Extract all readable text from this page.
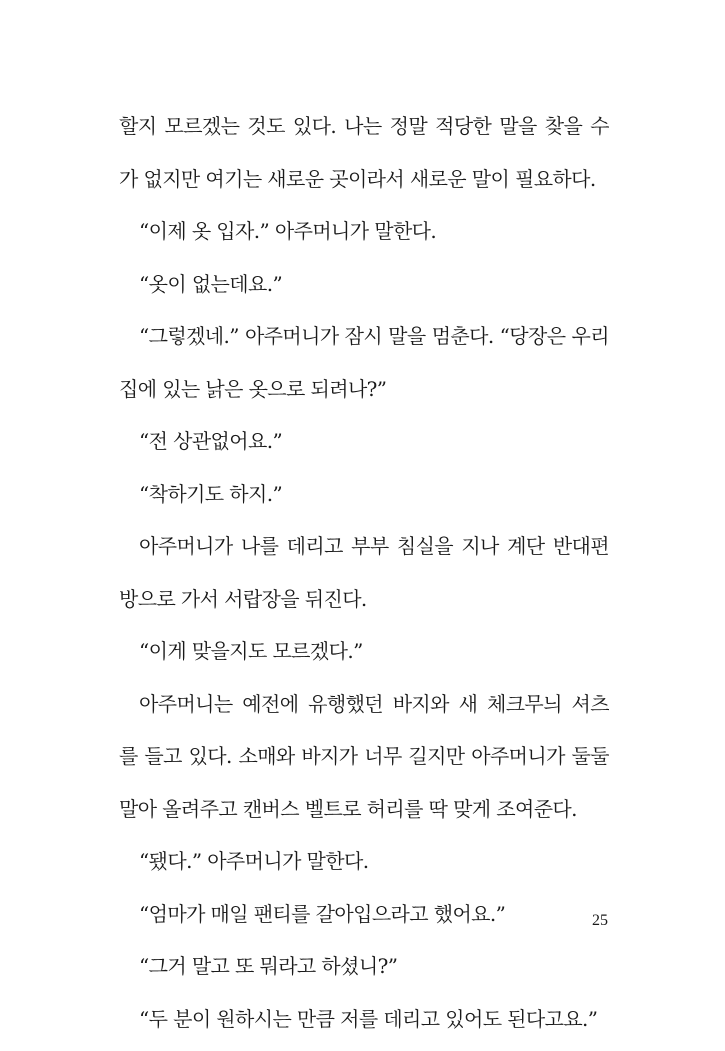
할지 모르겠는 것도 있다. 나는 정말 적당한 말을 찾을 수
가 없지만 여기는 새로운 곳이라서 새로운 말이 필요하다.
“이제 옷 입자.” 아주머니가 말한다.
“옷이 없는데요.”
“그렇겠네.” 아주머니가 잠시 말을 멈춘다. “당장은 우리
집에 있는 낡은 옷으로 되려나?”
“전 상관없어요.”
“착하기도 하지.”
아주머니가 나를 데리고 부부 침실을 지나 계단 반대편
방으로 가서 서랍장을 뒤진다.
“이게 맞을지도 모르겠다.”
아주머니는 예전에 유행했던 바지와 새 체크무늬 셔츠
를 들고 있다. 소매와 바지가 너무 길지만 아주머니가 둘둘
말아 올려주고 캔버스 벨트로 허리를 딱 맞게 조여준다.
“됐다.” 아주머니가 말한다.
“엄마가 매일 팬티를 갈아입으라고 했어요.”
“그거 말고 또 뭐라고 하셨니?”
“두 분이 원하시는 만큼 저를 데리고 있어도 된다고요.”
25
